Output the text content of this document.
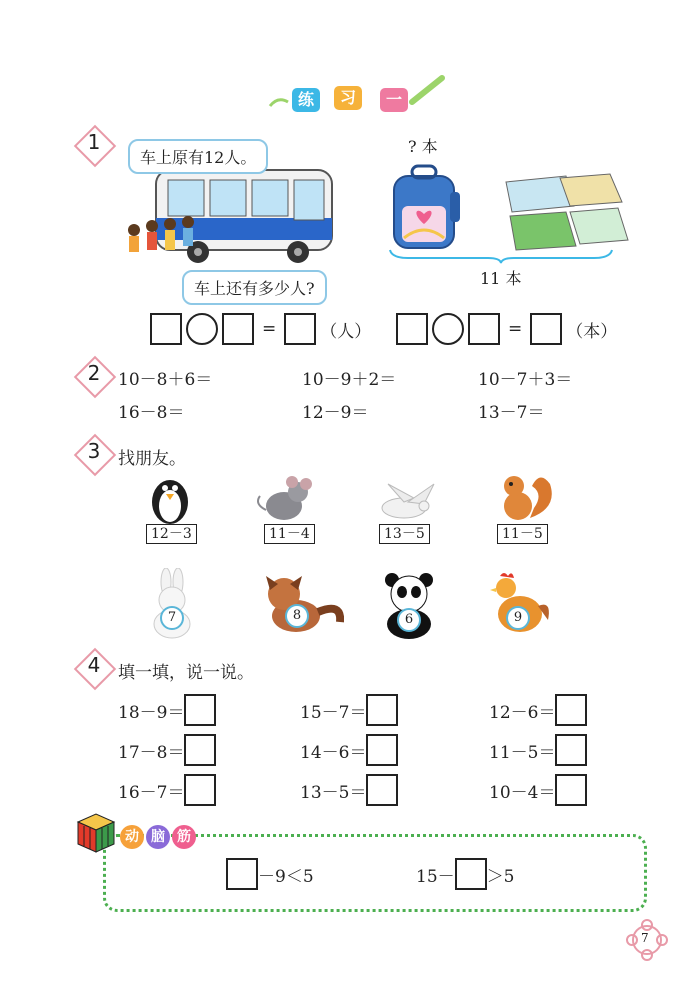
练	习	一
1
车上原有12人。
车上还有多少人?
? 本
11 本
=	（人）	=	（本）
2	10－8＋6＝	10－9＋2＝	10－7＋3＝
16－8＝	12－9＝	13－7＝
3	找朋友。
12－3	11－4	13－5	11－5
7	8	6	9
4	填一填，说一说。
18－9＝	15－7＝	12－6＝
17－8＝	14－6＝	11－5＝
16－7＝	13－5＝	10－4＝
动 脑 筋
－9＜5	15－ ＞5
7
